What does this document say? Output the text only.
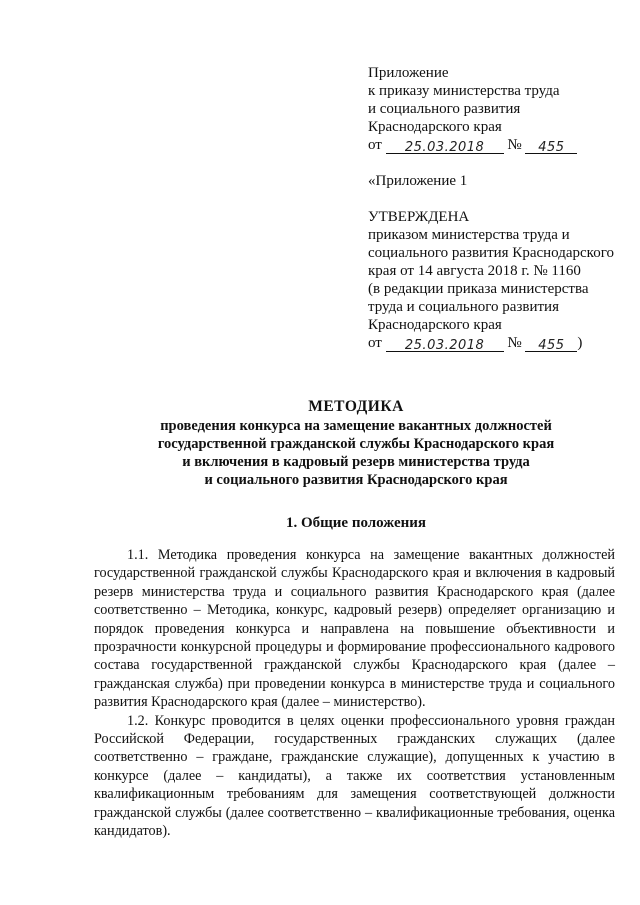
Приложение
к приказу министерства труда
и социального развития
Краснодарского края
от 25.03.2018 № 455
«Приложение 1
УТВЕРЖДЕНА
приказом министерства труда и
социального развития Краснодарского
края от 14 августа 2018 г. № 1160
(в редакции приказа министерства
труда и социального развития
Краснодарского края
от 25.03.2018 № 455 )
МЕТОДИКА
проведения конкурса на замещение вакантных должностей
государственной гражданской службы Краснодарского края
и включения в кадровый резерв министерства труда
и социального развития Краснодарского края
1. Общие положения

1.1. Методика проведения конкурса на замещение вакантных должностей государственной гражданской службы Краснодарского края и включения в кадровый резерв министерства труда и социального развития Краснодарского края (далее соответственно – Методика, конкурс, кадровый резерв) определяет организацию и порядок проведения конкурса и направлена на повышение объективности и прозрачности конкурсной процедуры и формирование профессионального кадрового состава государственной гражданской службы Краснодарского края (далее – гражданская служба) при проведении конкурса в министерстве труда и социального развития Краснодарского края (далее – министерство).

1.2. Конкурс проводится в целях оценки профессионального уровня граждан Российской Федерации, государственных гражданских служащих (далее соответственно – граждане, гражданские служащие), допущенных к участию в конкурсе (далее – кандидаты), а также их соответствия установленным квалификационным требованиям для замещения соответствующей должности гражданской службы (далее соответственно – квалификационные требования, оценка кандидатов).
